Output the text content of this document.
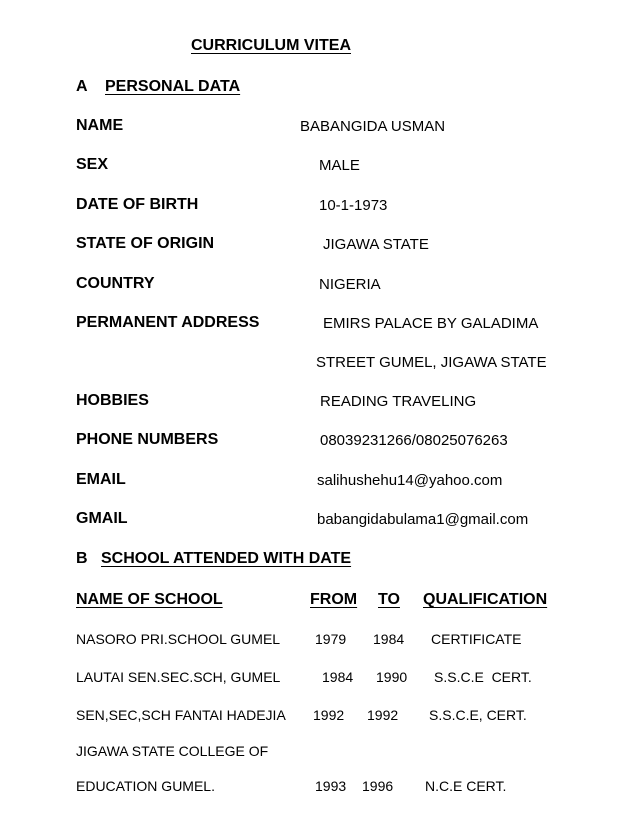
CURRICULUM VITEA
A PERSONAL DATA
NAME	BABANGIDA USMAN
SEX	MALE
DATE OF BIRTH	10-1-1973
STATE OF ORIGIN	JIGAWA STATE
COUNTRY	NIGERIA
PERMANENT ADDRESS	EMIRS PALACE BY GALADIMA
STREET GUMEL, JIGAWA STATE
HOBBIES	READING TRAVELING
PHONE NUMBERS	08039231266/08025076263
EMAIL	salihushehu14@yahoo.com
GMAIL	babangidabulama1@gmail.com
B SCHOOL ATTENDED WITH DATE
NAME OF SCHOOL	FROM TO QUALIFICATION
NASORO PRI.SCHOOL GUMEL 1979 1984 CERTIFICATE
LAUTAI SEN.SEC.SCH, GUMEL	1984 1990 S.S.C.E  CERT.
SEN,SEC,SCH FANTAI HADEJIA 1992 1992 S.S.C.E, CERT.
JIGAWA STATE COLLEGE OF
EDUCATION GUMEL.	1993 1996 N.C.E CERT.
